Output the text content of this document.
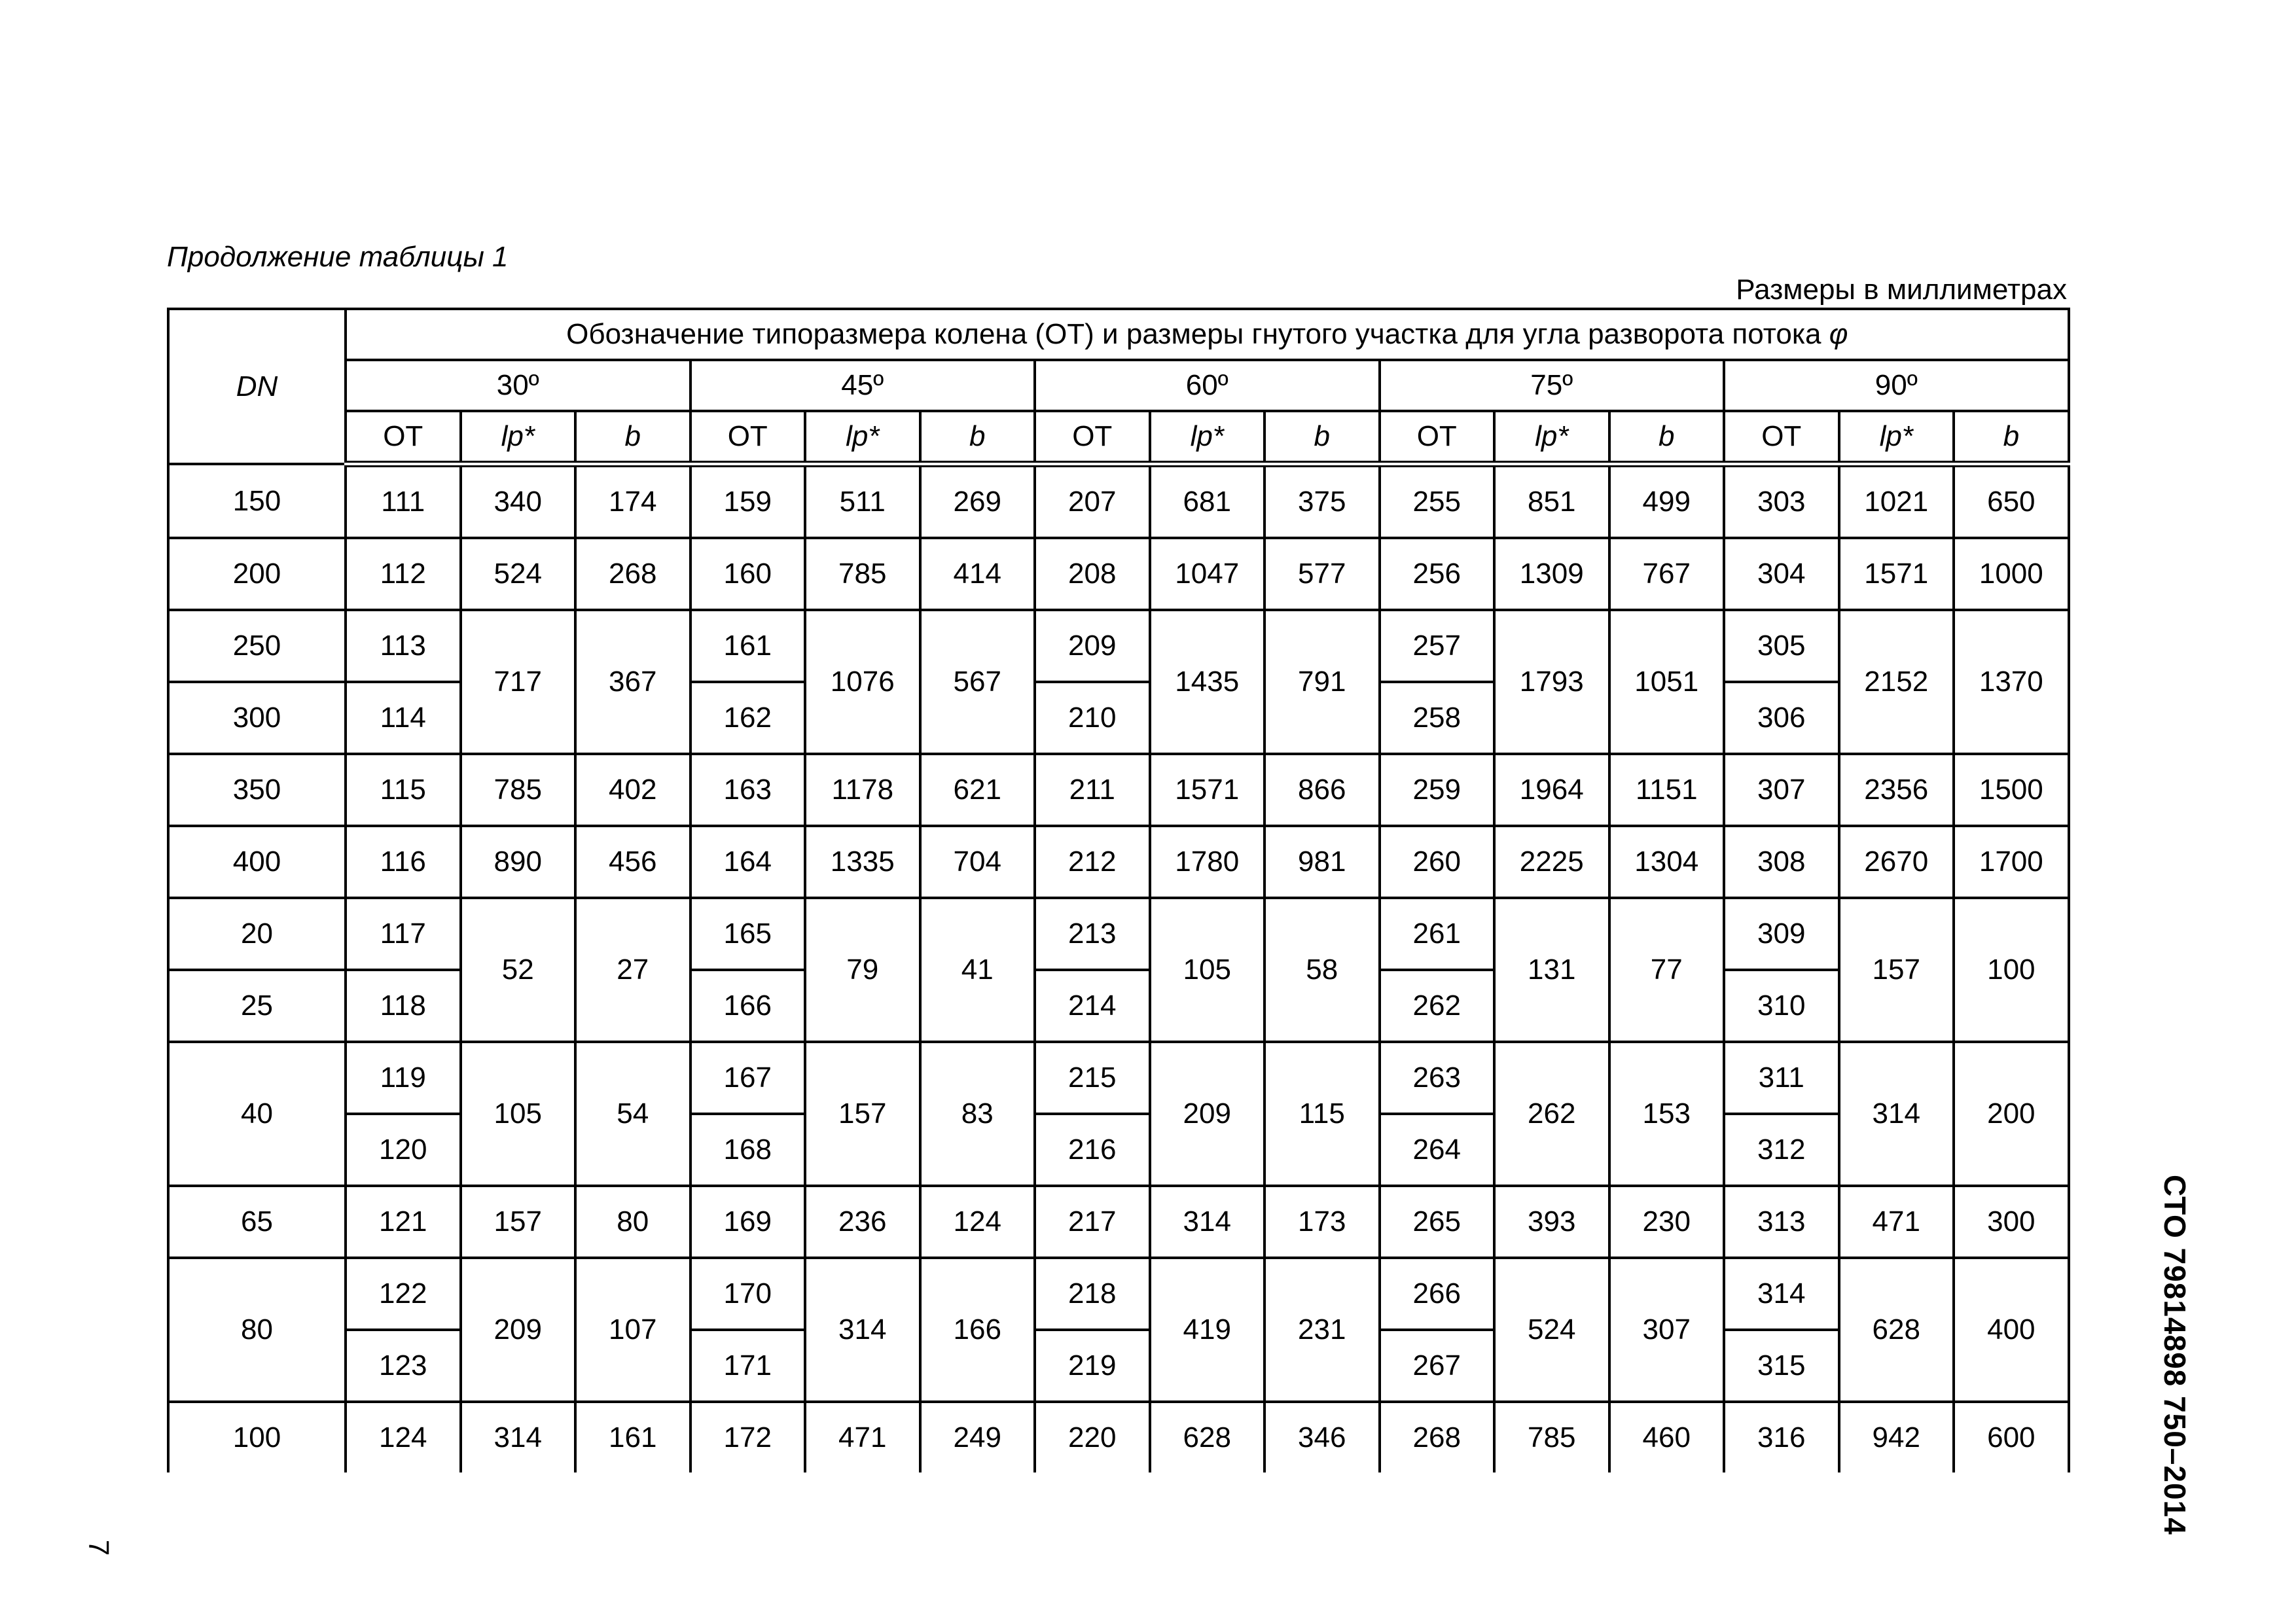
Продолжение таблицы 1
Размеры в миллиметрах
DN	Обозначение типоразмера колена (ОТ) и размеры гнутого участка для угла разворота потока φ														
	30º			45º			60º			75º			90º		
	ОТ	lp*	b	ОТ	lp*	b	ОТ	lp*	b	ОТ	lp*	b	ОТ	lp*	b
150	111	340	174	159	511	269	207	681	375	255	851	499	303	1021	650
200	112	524	268	160	785	414	208	1047	577	256	1309	767	304	1571	1000
250	113	717	367	161	1076	567	209	1435	791	257	1793	1051	305	2152	1370
300	114			162			210			258			306		
350	115	785	402	163	1178	621	211	1571	866	259	1964	1151	307	2356	1500
400	116	890	456	164	1335	704	212	1780	981	260	2225	1304	308	2670	1700
20	117	52	27	165	79	41	213	105	58	261	131	77	309	157	100
25	118			166			214			262			310		
40	119	105	54	167	157	83	215	209	115	263	262	153	311	314	200
	120			168			216			264			312		
65	121	157	80	169	236	124	217	314	173	265	393	230	313	471	300
80	122	209	107	170	314	166	218	419	231	266	524	307	314	628	400
	123			171			219			267			315		
100	124	314	161	172	471	249	220	628	346	268	785	460	316	942	600	СТО 79814898 750–2014
7
